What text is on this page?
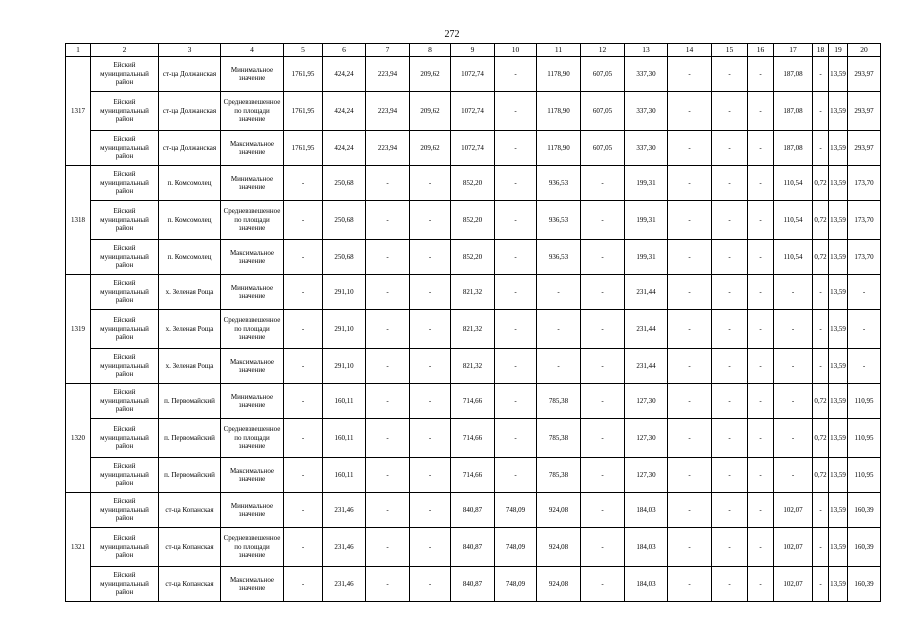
272
1	2	3	4	5	6	7	8	9	10	11	12	13	14	15	16	17	18	19	20
1317	Ейский муниципальный район	ст-ца Должанская	Минимальное значение	1761,95	424,24	223,94	209,62	1072,74	-	1178,90	607,05	337,30	-	-	-	187,08	-	13,59	293,97
	Ейский муниципальный район	ст-ца Должанская	Средневзвешенное по площади значение	1761,95	424,24	223,94	209,62	1072,74	-	1178,90	607,05	337,30	-	-	-	187,08	-	13,59	293,97
	Ейский муниципальный район	ст-ца Должанская	Максимальное значение	1761,95	424,24	223,94	209,62	1072,74	-	1178,90	607,05	337,30	-	-	-	187,08	-	13,59	293,97
1318	Ейский муниципальный район	п. Комсомолец	Минимальное значение	-	250,68	-	-	852,20	-	936,53	-	199,31	-	-	-	110,54	0,72	13,59	173,70
	Ейский муниципальный район	п. Комсомолец	Средневзвешенное по площади значение	-	250,68	-	-	852,20	-	936,53	-	199,31	-	-	-	110,54	0,72	13,59	173,70
	Ейский муниципальный район	п. Комсомолец	Максимальное значение	-	250,68	-	-	852,20	-	936,53	-	199,31	-	-	-	110,54	0,72	13,59	173,70
1319	Ейский муниципальный район	х. Зеленая Роща	Минимальное значение	-	291,10	-	-	821,32	-	-	-	231,44	-	-	-	-	-	13,59	-
	Ейский муниципальный район	х. Зеленая Роща	Средневзвешенное по площади значение	-	291,10	-	-	821,32	-	-	-	231,44	-	-	-	-	-	13,59	-
	Ейский муниципальный район	х. Зеленая Роща	Максимальное значение	-	291,10	-	-	821,32	-	-	-	231,44	-	-	-	-	-	13,59	-
1320	Ейский муниципальный район	п. Первомайский	Минимальное значение	-	160,11	-	-	714,66	-	785,38	-	127,30	-	-	-	-	0,72	13,59	110,95
	Ейский муниципальный район	п. Первомайский	Средневзвешенное по площади значение	-	160,11	-	-	714,66	-	785,38	-	127,30	-	-	-	-	0,72	13,59	110,95
	Ейский муниципальный район	п. Первомайский	Максимальное значение	-	160,11	-	-	714,66	-	785,38	-	127,30	-	-	-	-	0,72	13,59	110,95
1321	Ейский муниципальный район	ст-ца Копанская	Минимальное значение	-	231,46	-	-	840,87	748,09	924,08	-	184,03	-	-	-	102,07	-	13,59	160,39
	Ейский муниципальный район	ст-ца Копанская	Средневзвешенное по площади значение	-	231,46	-	-	840,87	748,09	924,08	-	184,03	-	-	-	102,07	-	13,59	160,39
	Ейский муниципальный район	ст-ца Копанская	Максимальное значение	-	231,46	-	-	840,87	748,09	924,08	-	184,03	-	-	-	102,07	-	13,59	160,39
